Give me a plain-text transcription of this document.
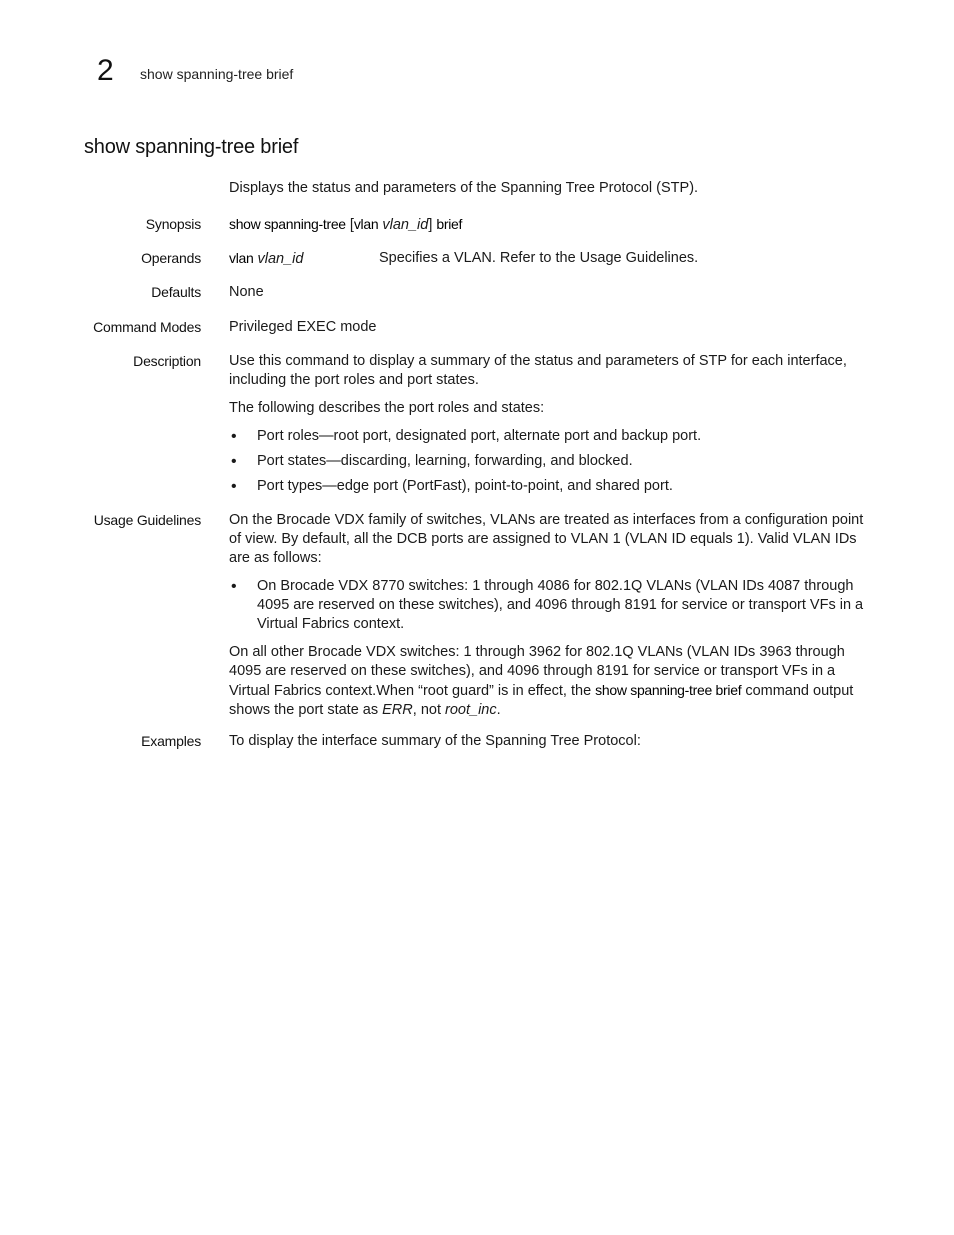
2 show spanning-tree brief
show spanning-tree brief
Displays the status and parameters of the Spanning Tree Protocol (STP).
Synopsis show spanning-tree [vlan vlan_id] brief
Operands vlan vlan_id	Specifies a VLAN. Refer to the Usage Guidelines.
Defaults None
Command Modes Privileged EXEC mode
Description Use this command to display a summary of the status and parameters of STP for each interface, including the port roles and port states.

The following describes the port roles and states:

• Port roles—root port, designated port, alternate port and backup port.
• Port states—discarding, learning, forwarding, and blocked.
• Port types—edge port (PortFast), point-to-point, and shared port.
Usage Guidelines On the Brocade VDX family of switches, VLANs are treated as interfaces from a configuration point of view. By default, all the DCB ports are assigned to VLAN 1 (VLAN ID equals 1). Valid VLAN IDs are as follows:

• On Brocade VDX 8770 switches: 1 through 4086 for 802.1Q VLANs (VLAN IDs 4087 through 4095 are reserved on these switches), and 4096 through 8191 for service or transport VFs in a Virtual Fabrics context.

On all other Brocade VDX switches: 1 through 3962 for 802.1Q VLANs (VLAN IDs 3963 through 4095 are reserved on these switches), and 4096 through 8191 for service or transport VFs in a Virtual Fabrics context.When “root guard” is in effect, the show spanning-tree brief command output shows the port state as ERR, not root_inc.

Examples To display the interface summary of the Spanning Tree Protocol:
